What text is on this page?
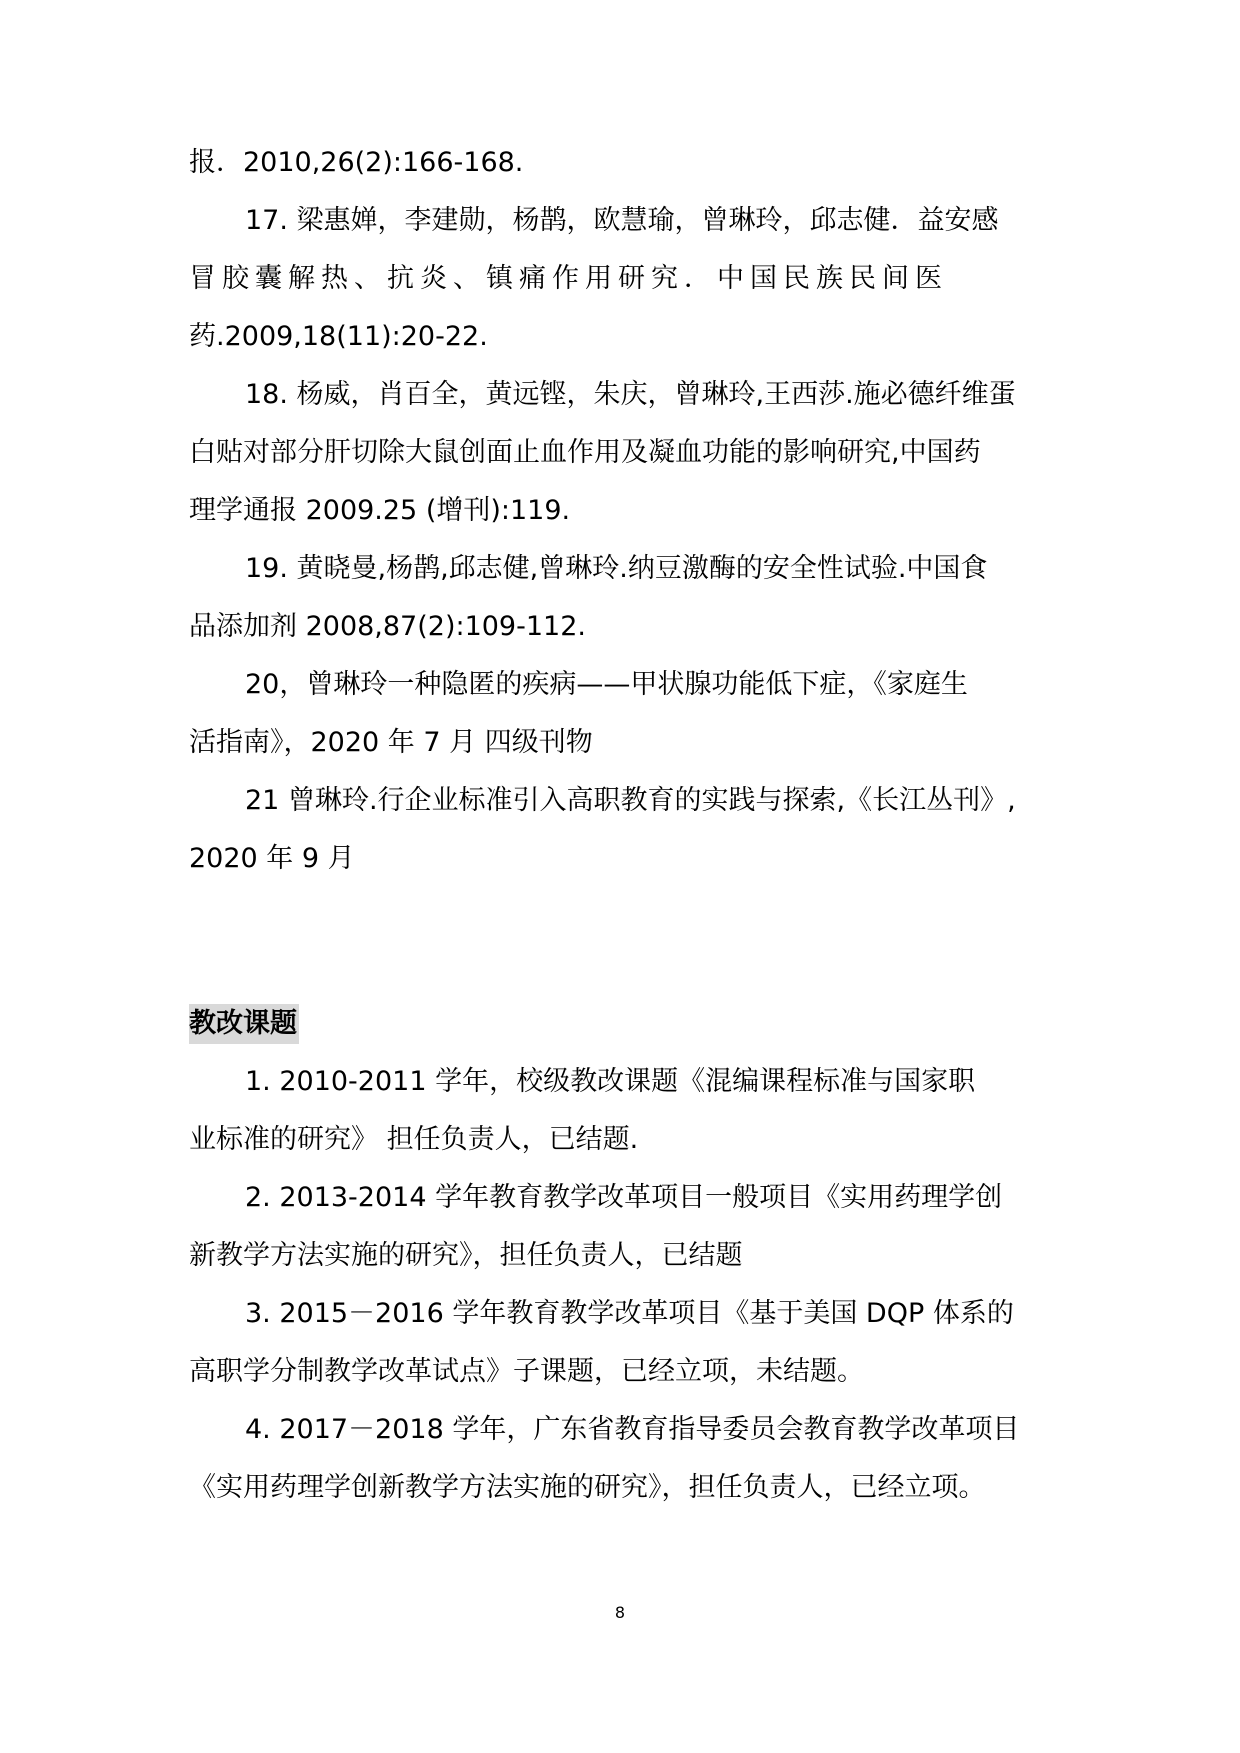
报．2010,26(2):166-168.
17. 梁惠婵，李建勋，杨鹊，欧慧瑜，曾琳玲，邱志健．益安感
冒胶囊解热、抗炎、镇痛作用研究．中国民族民间医
药.2009,18(11):20-22.
18. 杨威，肖百全，黄远铿，朱庆，曾琳玲,王西莎.施必德纤维蛋
白贴对部分肝切除大鼠创面止血作用及凝血功能的影响研究,中国药
理学通报 2009.25 (增刊):119.
19. 黄晓曼,杨鹊,邱志健,曾琳玲.纳豆激酶的安全性试验.中国食
品添加剂 2008,87(2):109-112.
20，曾琳玲一种隐匿的疾病——甲状腺功能低下症，《家庭生
活指南》，2020 年 7 月 四级刊物
21 曾琳玲.行企业标准引入高职教育的实践与探索,《长江丛刊》,
2020 年 9 月
教改课题
1. 2010-2011 学年，校级教改课题《混编课程标准与国家职
业标准的研究》 担任负责人，已结题.
2. 2013-2014 学年教育教学改革项目一般项目《实用药理学创
新教学方法实施的研究》，担任负责人，已结题
3. 2015－2016 学年教育教学改革项目《基于美国 DQP 体系的
高职学分制教学改革试点》子课题，已经立项，未结题。
4. 2017－2018 学年，广东省教育指导委员会教育教学改革项目
《实用药理学创新教学方法实施的研究》，担任负责人，已经立项。
8
